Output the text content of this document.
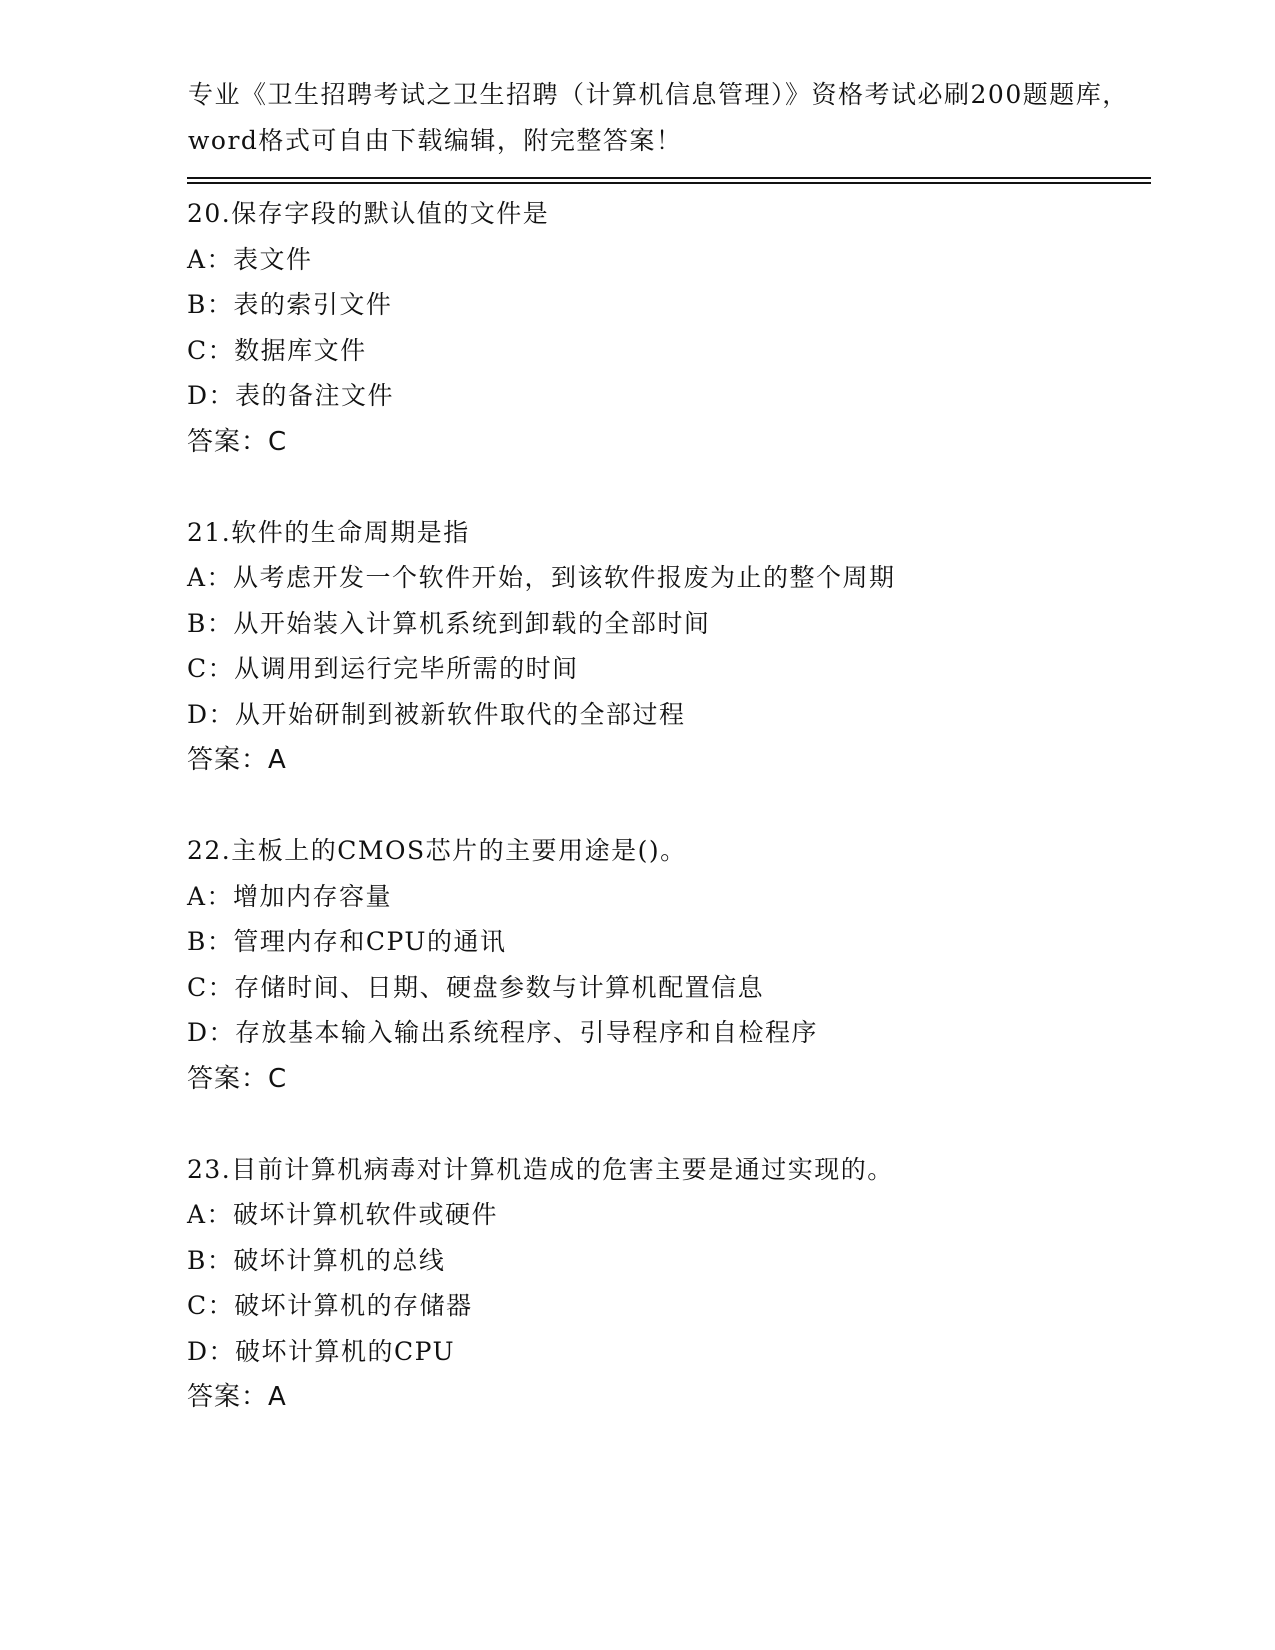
专业《卫生招聘考试之卫生招聘（计算机信息管理）》资格考试必刷200题题库，
word格式可自由下载编辑，附完整答案！
20.保存字段的默认值的文件是
A：表文件
B：表的索引文件
C：数据库文件
D：表的备注文件
答案：C
21.软件的生命周期是指
A：从考虑开发一个软件开始，到该软件报废为止的整个周期
B：从开始装入计算机系统到卸载的全部时间
C：从调用到运行完毕所需的时间
D：从开始研制到被新软件取代的全部过程
答案：A
22.主板上的CMOS芯片的主要用途是()。
A：增加内存容量
B：管理内存和CPU的通讯
C：存储时间、日期、硬盘参数与计算机配置信息
D：存放基本输入输出系统程序、引导程序和自检程序
答案：C
23.目前计算机病毒对计算机造成的危害主要是通过实现的。
A：破坏计算机软件或硬件
B：破坏计算机的总线
C：破坏计算机的存储器
D：破坏计算机的CPU
答案：A
